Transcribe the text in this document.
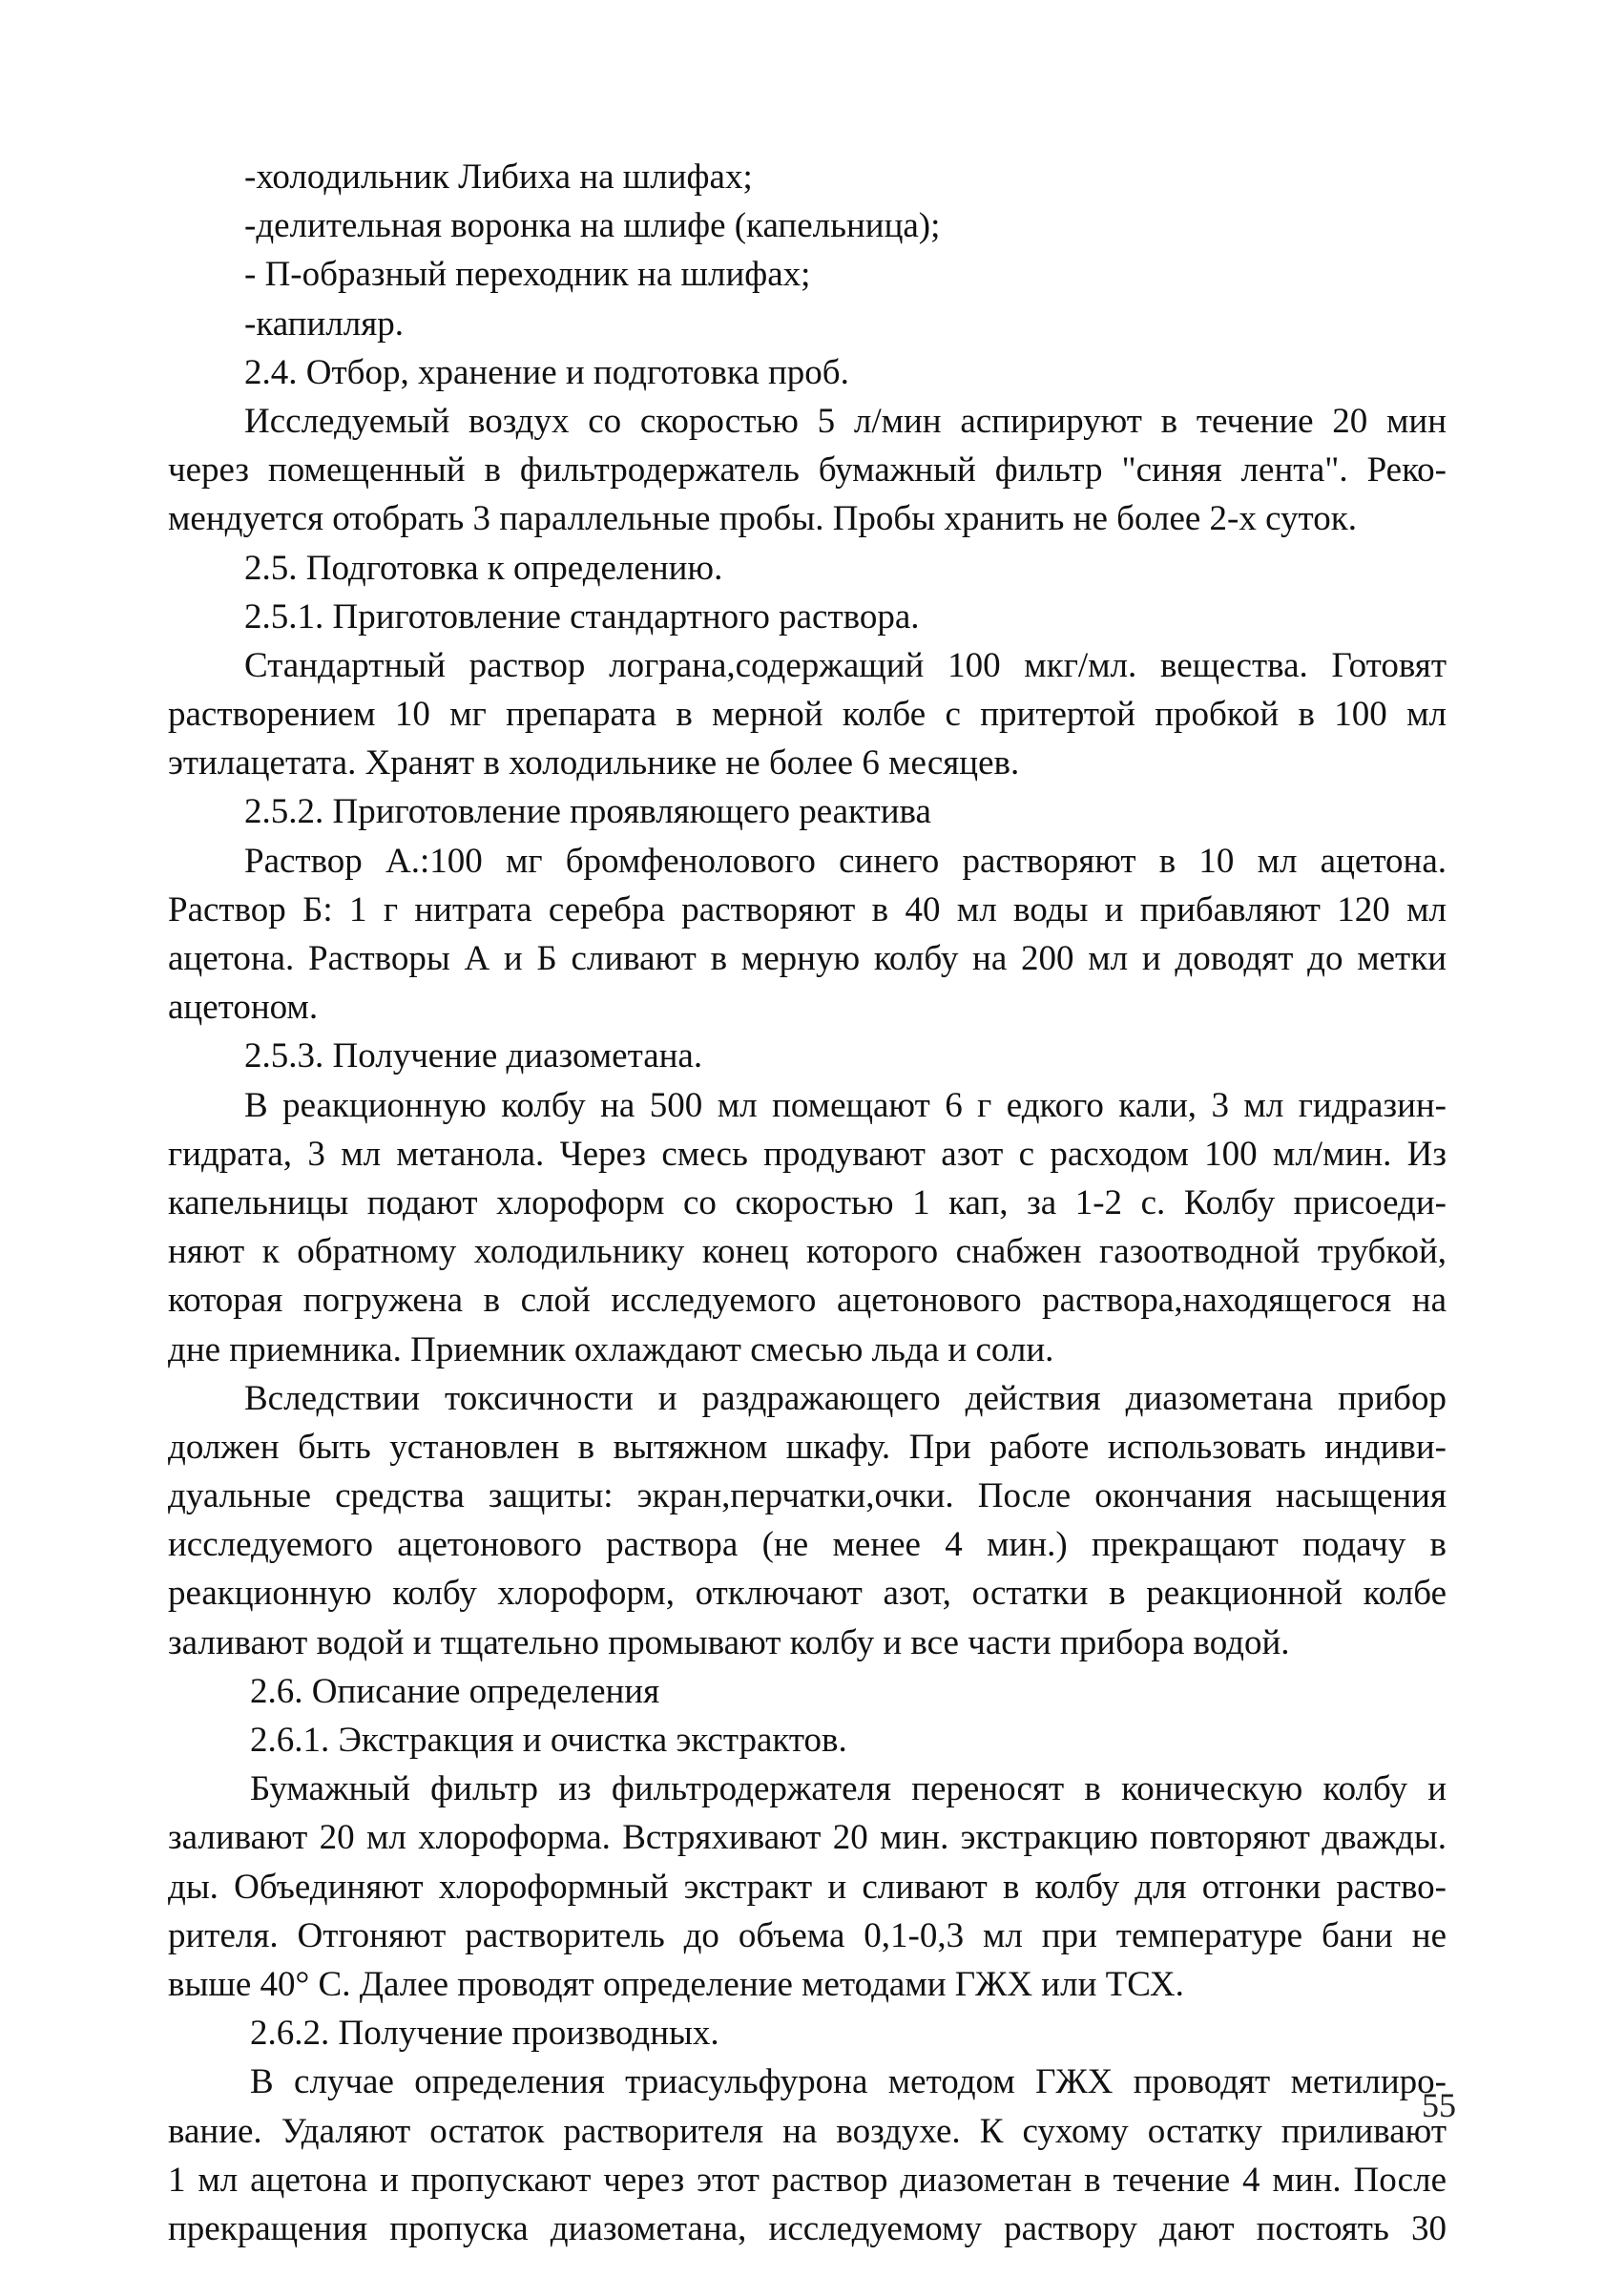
-холодильник Либиха на шлифах;
-делительная воронка на шлифе (капельница);
- П-образный переходник на шлифах;
-капилляр.
2.4. Отбор, хранение и подготовка проб.
Исследуемый воздух со скоростью 5 л/мин аспирируют в течение 20 мин
через помещенный в фильтродержатель бумажный фильтр "синяя лента". Реко-
мендуется отобрать 3 параллельные пробы. Пробы хранить не более 2-х суток.
2.5. Подготовка к определению.
2.5.1. Приготовление стандартного раствора.
Стандартный раствор лограна,содержащий 100 мкг/мл. вещества. Готовят
растворением 10 мг препарата в мерной колбе с притертой пробкой в 100 мл
этилацетата. Хранят в холодильнике не более 6 месяцев.
2.5.2. Приготовление проявляющего реактива
Раствор А.:100 мг бромфенолового синего растворяют в 10 мл ацетона.
Раствор Б: 1 г нитрата серебра растворяют в 40 мл воды и прибавляют 120 мл
ацетона. Растворы А и Б сливают в мерную колбу на 200 мл и доводят до метки
ацетоном.
2.5.3. Получение диазометана.
В реакционную колбу на 500 мл помещают 6 г едкого кали, 3 мл гидразин-
гидрата, 3 мл метанола. Через смесь продувают азот с расходом 100 мл/мин. Из
капельницы подают хлороформ со скоростью 1 кап, за 1-2 с. Колбу присоеди-
няют к обратному холодильнику конец которого снабжен газоотводной трубкой,
которая погружена в слой исследуемого ацетонового раствора,находящегося на
дне приемника. Приемник охлаждают смесью льда и соли.
Вследствии токсичности и раздражающего действия диазометана прибор
должен быть установлен в вытяжном шкафу. При работе использовать индиви-
дуальные средства защиты: экран,перчатки,очки. После окончания насыщения
исследуемого ацетонового раствора (не менее 4 мин.) прекращают подачу в
реакционную колбу хлороформ, отключают азот, остатки в реакционной колбе
заливают водой и тщательно промывают колбу и все части прибора водой.
2.6. Описание определения
2.6.1. Экстракция и очистка экстрактов.
Бумажный фильтр из фильтродержателя переносят в коническую колбу и
заливают 20 мл хлороформа. Встряхивают 20 мин. экстракцию повторяют дважды.
ды. Объединяют хлороформный экстракт и сливают в колбу для отгонки раство-
рителя. Отгоняют растворитель до объема 0,1-0,3 мл при температуре бани не
выше 40° С. Далее проводят определение методами ГЖХ или ТСХ.
2.6.2. Получение производных.
В случае определения триасульфурона методом ГЖХ проводят метилиро-
вание. Удаляют остаток растворителя на воздухе. К сухому остатку приливают
1 мл ацетона и пропускают через этот раствор диазометан в течение 4 мин. После
прекращения пропуска диазометана, исследуемому раствору дают постоять 30
55
